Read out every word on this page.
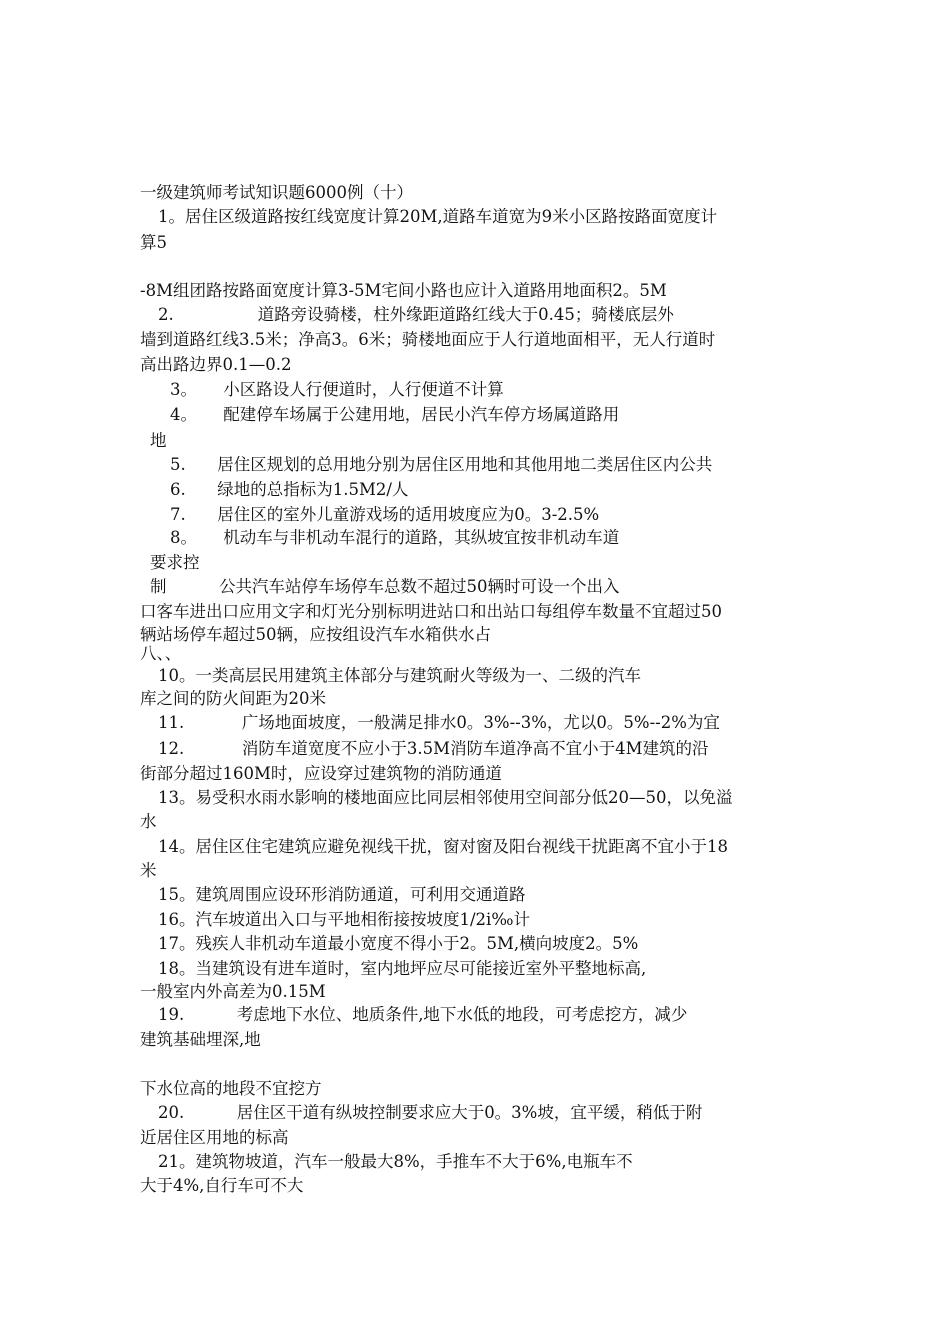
一级建筑师考试知识题6000例（十）
1。居住区级道路按红线宽度计算20M,道路车道宽为9米小区路按路面宽度计
算5
-8M组团路按路面宽度计算3-5M宅间小路也应计入道路用地面积2。5M
2.                道路旁设骑楼，柱外缘距道路红线大于0.45；骑楼底层外
墙到道路红线3.5米；净高3。6米；骑楼地面应于人行道地面相平，无人行道时
高出路边界0.1—0.2
3。     小区路设人行便道时，人行便道不计算
4。     配建停车场属于公建用地，居民小汽车停方场属道路用
地
5.      居住区规划的总用地分别为居住区用地和其他用地二类居住区内公共
6.      绿地的总指标为1.5M2/人
7.      居住区的室外儿童游戏场的适用坡度应为0。3-2.5%
8。     机动车与非机动车混行的道路，其纵坡宜按非机动车道
要求控
制          公共汽车站停车场停车总数不超过50辆时可设一个出入
口客车进出口应用文字和灯光分别标明进站口和出站口每组停车数量不宜超过50
辆站场停车超过50辆，应按组设汽车水箱供水占
八、、
10。一类高层民用建筑主体部分与建筑耐火等级为一、二级的汽车
库之间的防火间距为20米
11.           广场地面坡度，一般满足排水0。3%--3%，尤以0。5%--2%为宜
12.           消防车道宽度不应小于3.5M消防车道净高不宜小于4M建筑的沿
街部分超过160M时，应设穿过建筑物的消防通道
13。易受积水雨水影响的楼地面应比同层相邻使用空间部分低20—50，以免溢
水
14。居住区住宅建筑应避免视线干扰，窗对窗及阳台视线干扰距离不宜小于18
米
15。建筑周围应设环形消防通道，可利用交通道路
16。汽车坡道出入口与平地相衔接按坡度1/2i‰计
17。残疾人非机动车道最小宽度不得小于2。5M,横向坡度2。5%
18。当建筑设有进车道时，室内地坪应尽可能接近室外平整地标高,
一般室内外高差为0.15M
19.          考虑地下水位、地质条件,地下水低的地段，可考虑挖方，减少
建筑基础埋深,地
下水位高的地段不宜挖方
20.          居住区干道有纵坡控制要求应大于0。3%坡，宜平缓，稍低于附
近居住区用地的标高
21。建筑物坡道，汽车一般最大8%，手推车不大于6%,电瓶车不
大于4%,自行车可不大
